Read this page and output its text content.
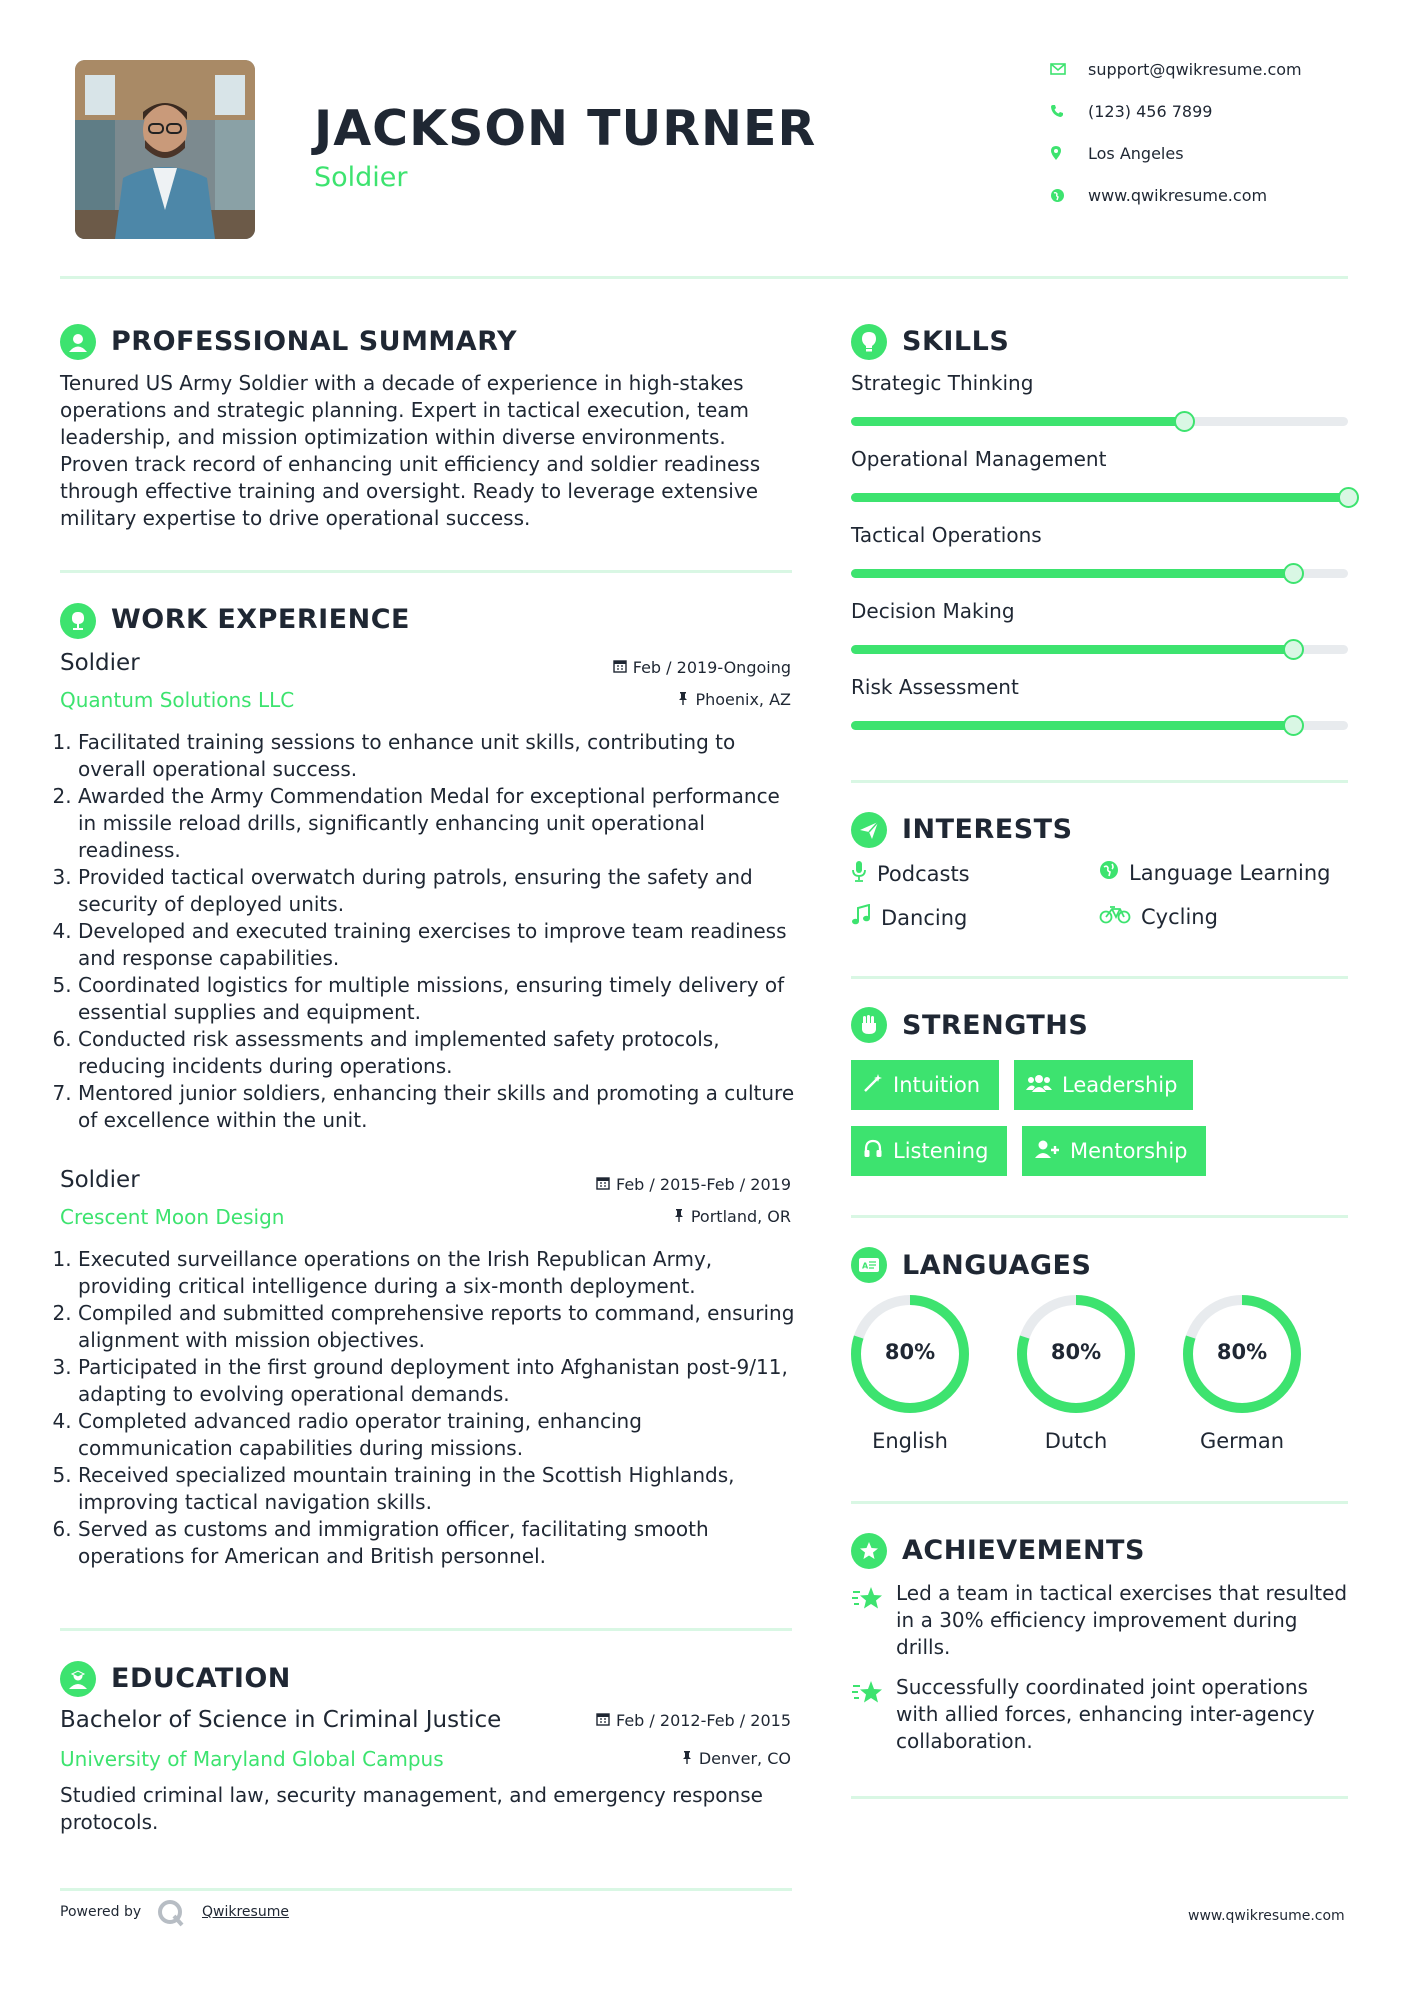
JACKSON TURNER
Soldier
support@qwikresume.com
(123) 456 7899
Los Angeles
www.qwikresume.com
PROFESSIONAL SUMMARY
Tenured US Army Soldier with a decade of experience in high-stakes operations and strategic planning. Expert in tactical execution, team leadership, and mission optimization within diverse environments. Proven track record of enhancing unit efficiency and soldier readiness through effective training and oversight. Ready to leverage extensive military expertise to drive operational success.
WORK EXPERIENCE
Soldier	Feb / 2019-Ongoing
Quantum Solutions LLC	Phoenix, AZ
1. Facilitated training sessions to enhance unit skills, contributing to overall operational success.
2. Awarded the Army Commendation Medal for exceptional performance in missile reload drills, significantly enhancing unit operational readiness.
3. Provided tactical overwatch during patrols, ensuring the safety and security of deployed units.
4. Developed and executed training exercises to improve team readiness and response capabilities.
5. Coordinated logistics for multiple missions, ensuring timely delivery of essential supplies and equipment.
6. Conducted risk assessments and implemented safety protocols, reducing incidents during operations.
7. Mentored junior soldiers, enhancing their skills and promoting a culture of excellence within the unit.
Soldier	Feb / 2015-Feb / 2019
Crescent Moon Design	Portland, OR
1. Executed surveillance operations on the Irish Republican Army, providing critical intelligence during a six-month deployment.
2. Compiled and submitted comprehensive reports to command, ensuring alignment with mission objectives.
3. Participated in the first ground deployment into Afghanistan post-9/11, adapting to evolving operational demands.
4. Completed advanced radio operator training, enhancing communication capabilities during missions.
5. Received specialized mountain training in the Scottish Highlands, improving tactical navigation skills.
6. Served as customs and immigration officer, facilitating smooth operations for American and British personnel.
EDUCATION
Bachelor of Science in Criminal Justice	Feb / 2012-Feb / 2015
University of Maryland Global Campus	Denver, CO
Studied criminal law, security management, and emergency response protocols.
SKILLS
Strategic Thinking
Operational Management
Tactical Operations
Decision Making
Risk Assessment
INTERESTS
Podcasts	Language Learning
Dancing	Cycling
STRENGTHS
Intuition	Leadership
Listening	Mentorship
A LANGUAGES
80%
English
80%
Dutch
80%
German
ACHIEVEMENTS
Led a team in tactical exercises that resulted in a 30% efficiency improvement during drills.
Successfully coordinated joint operations with allied forces, enhancing inter-agency collaboration.
Powered by	Qwikresume	www.qwikresume.com
